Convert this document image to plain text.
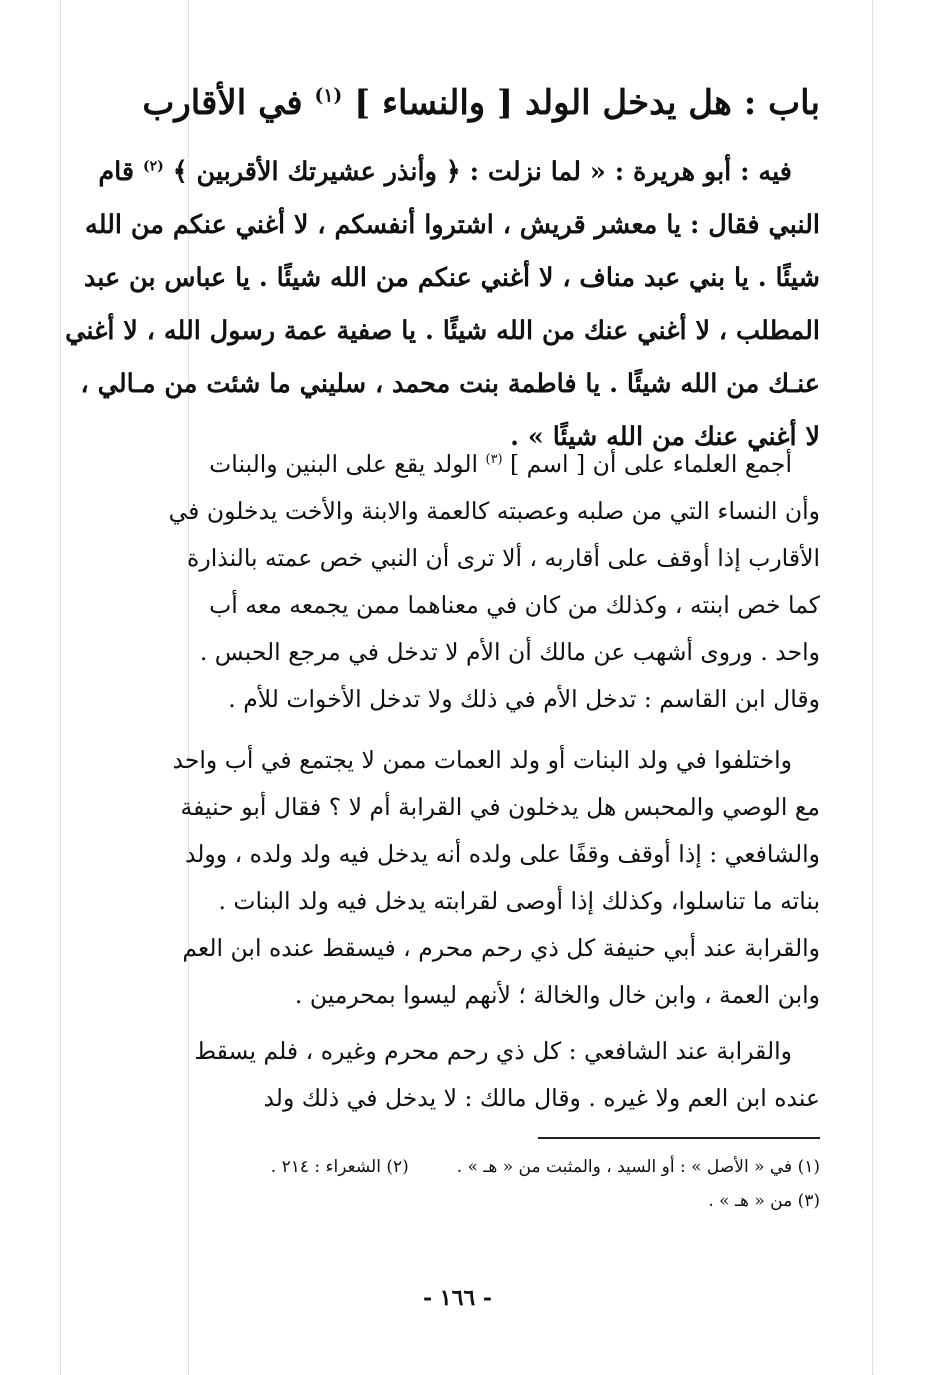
باب : هل يدخل الولد [ والنساء ] $^{(١)}$ في الأقارب
فيه : أبو هريرة : « لما نزلت : ﴿ وأنذر عشيرتك الأقربين ﴾ $^{(٢)}$ قام
النبي فقال : يا معشر قريش ، اشتروا أنفسكم ، لا أغني عنكم من الله
شيئًا . يا بني عبد مناف ، لا أغني عنكم من الله شيئًا . يا عباس بن عبد
المطلب ، لا أغني عنك من الله شيئًا . يا صفية عمة رسول الله ، لا أغني
عنـك من الله شيئًا . يا فاطمة بنت محمد ، سليني ما شئت من مـالي ،
لا أغني عنك من الله شيئًا » .
أجمع العلماء على أن [ اسم ] $^{(٣)}$ الولد يقع على البنين والبنات
وأن النساء التي من صلبه وعصبته كالعمة والابنة والأخت يدخلون في
الأقارب إذا أوقف على أقاربه ، ألا ترى أن النبي خص عمته بالنذارة
كما خص ابنته ، وكذلك من كان في معناهما ممن يجمعه معه أب
واحد . وروى أشهب عن مالك أن الأم لا تدخل في مرجع الحبس .
وقال ابن القاسم : تدخل الأم في ذلك ولا تدخل الأخوات للأم .
واختلفوا في ولد البنات أو ولد العمات ممن لا يجتمع في أب واحد
مع الوصي والمحبس هل يدخلون في القرابة أم لا ؟ فقال أبو حنيفة
والشافعي : إذا أوقف وقفًا على ولده أنه يدخل فيه ولد ولده ، وولد
بناته ما تناسلوا، وكذلك إذا أوصى لقرابته يدخل فيه ولد البنات .
والقرابة عند أبي حنيفة كل ذي رحم محرم ، فيسقط عنده ابن العم
وابن العمة ، وابن خال والخالة ؛ لأنهم ليسوا بمحرمين .
والقرابة عند الشافعي : كل ذي رحم محرم وغيره ، فلم يسقط
عنده ابن العم ولا غيره . وقال مالك : لا يدخل في ذلك ولد
(١) في « الأصل » : أو السيد ، والمثبت من « هـ » .
(٢) الشعراء : ٢١٤ .
(٣) من « هـ » .
- ١٦٦ -
